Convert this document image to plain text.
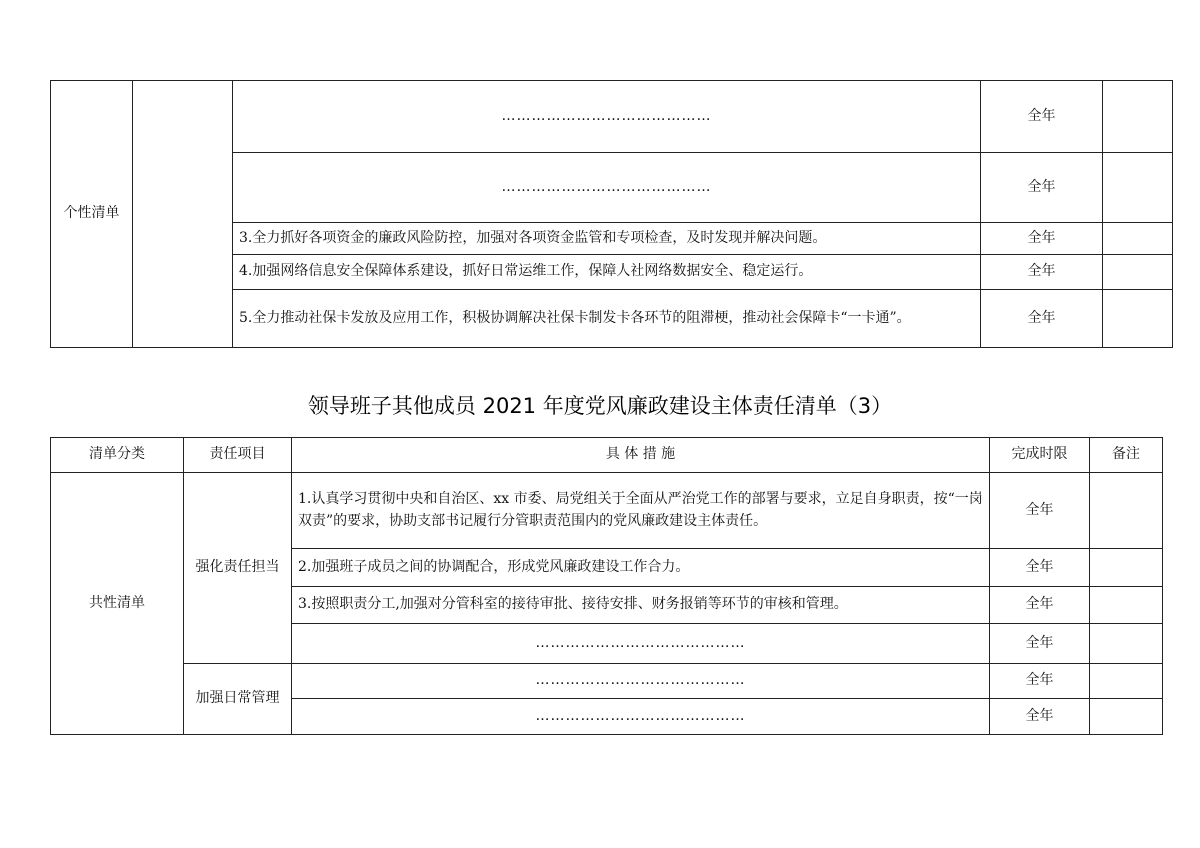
个性清单		……………………………………	全年	
		……………………………………	全年	
		3.全力抓好各项资金的廉政风险防控，加强对各项资金监管和专项检查，及时发现并解决问题。	全年	
		4.加强网络信息安全保障体系建设，抓好日常运维工作，保障人社网络数据安全、稳定运行。	全年	
		5.全力推动社保卡发放及应用工作，积极协调解决社保卡制发卡各环节的阻滞梗，推动社会保障卡“一卡通”。	全年	
领导班子其他成员 2021 年度党风廉政建设主体责任清单（3）
清单分类	责任项目	具 体 措 施	完成时限	备注
共性清单	强化责任担当	1.认真学习贯彻中央和自治区、xx 市委、局党组关于全面从严治党工作的部署与要求，立足自身职责，按“一岗双责”的要求，协助支部书记履行分管职责范围内的党风廉政建设主体责任。	全年	
		2.加强班子成员之间的协调配合，形成党风廉政建设工作合力。	全年	
		3.按照职责分工,加强对分管科室的接待审批、接待安排、财务报销等环节的审核和管理。	全年	
		……………………………………	全年	
	加强日常管理	……………………………………	全年	
		……………………………………	全年	
